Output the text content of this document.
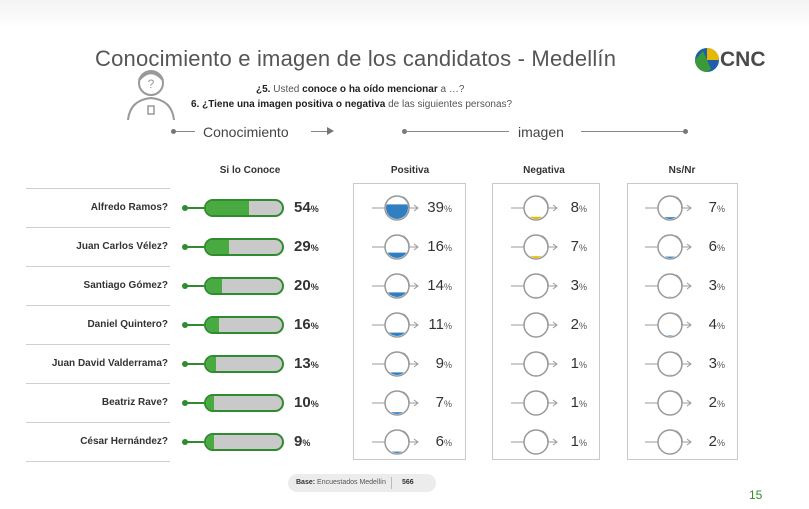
Conocimiento e imagen de los candidatos - Medellín	CNC
?	¿5. Usted conoce o ha oído mencionar a …?
6. ¿Tiene una imagen positiva o negativa de las siguientes personas?
Conocimiento	imagen
Si lo Conoce	Positiva	Negativa	Ns/Nr
Alfredo Ramos?	54%	39%	8%	7%
Juan Carlos Vélez?	29%	16%	7%	6%
Santiago Gómez?	20%	14%	3%	3%
Daniel Quintero?	16%	11%	2%	4%
Juan David Valderrama?	13%	9%	1%	3%
Beatriz Rave?	10%	7%	1%	2%
César Hernández?	9%	6%	1%	2%
Base: Encuestados Medellín 566
15
